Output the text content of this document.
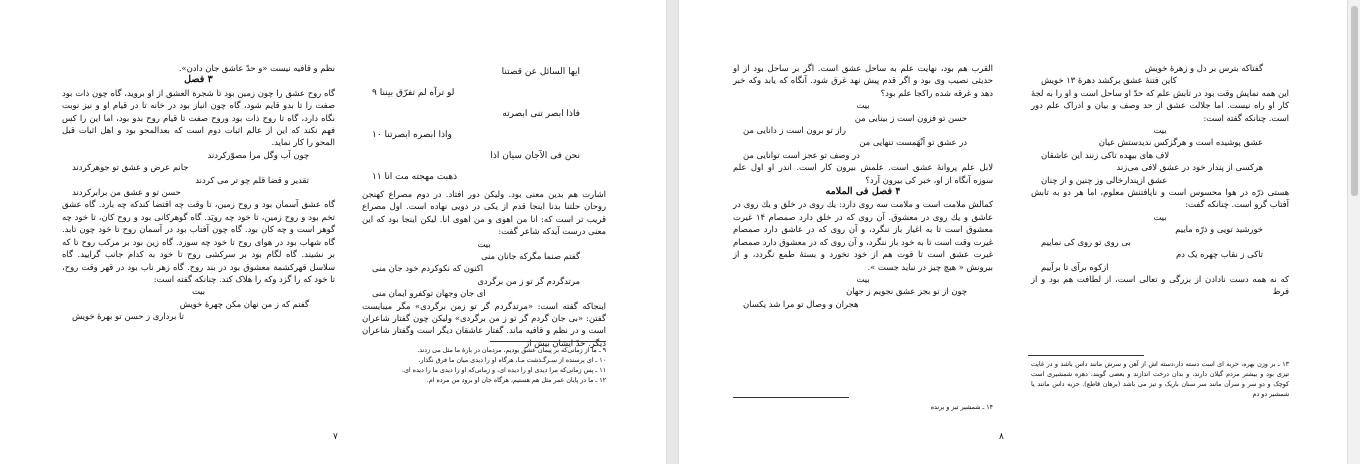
نظم و قافیه نیست «و حدّ عاشق جان دادن».

۳ فصل

گاه روح عشق را چون زمین بود تا شجرة العشق از او بروید، گاه چون ذات بود صفت را تا بدو قایم شود، گاه چون انباز بود در خانه تا در قیام او و نیز نوبت نگاه دارد، گاه تا روح ذات بود وروح صفت تا قیام روح بدو بود، اما این را کس فهم نکند که این از عالم اثبات دوم است که بعدالمحو بود و اهل اثبات قبل المحو را کار نماید.

چون آب وگل مرا مصوّرکردند

جانم عرض و عشق تو جوهرکردند

تقدیر و قضا قلم چو تر می کردند

حسن تو و عشق من برابرکردند

گاه عشق آسمان بود و روح زمین، تا وقت چه اقتضا کندکه چه بارد. گاه عشق تخم بود و روح زمین، تا خود چه رویَد. گاه گوهرکانی بود و روح کان، تا خود چه گوهر است و چه کان بود. گاه چون آفتاب بود در آسمان روح تا خود چون تابد. گاه شهاب بود در هوای روح تا خود چه سوزد. گاه زین بود بر مرکب روح تا که بر نشیند. گاه لگام بود بر سرکشی روح تا خود به کدام جانب گرایید. گاه سلاسل قهرکشمة معشوق بود در بند روح. گاه زهر ناب بود در قهر وقت روح، تا خود که را گزد وکه را هلاک کند. چنانکه گفته است:

بیت

گفتم که ز من نهان مکن چهرهٔ خویش

تا برداری ز حسن تو بهرهٔ خویش

ایها السائل عن قصتنا

لو ترآه لم تفرّق بیننا ۹

فاذا ابصر تنی ابصرته

واذا ابصره ابصرتنا ۱۰

نحن فی الآجان سیان اذا

ذهبت مهجته مت انا ۱۱

اشارت هم بدین معنی بود. ولیکن دور افتاد. در دوم مصراع کهنجن روحان حلتنا بدنا اینجا قدم از یکی در دویی نهاده است. اول مصراع قریب تر است که: انا من اهوی و من اهوی انا. لیکن اینجا بود که این معنی درست آیدکه شاعر گفت:

بیت

گفتم صنما مگرکه جانان منی

اکنون که نکوکردم خود جان منی

مرتدگردم گر تو ز من برگردی

ای جان وجهان توکفرو ایمان منی

اینجاکه گفته است: «مرتدگردم گر تو زمن برگردی» مگر میبایست گفتن: «بی جان گردم گر تو ز من برگردی» ولیکن چون گفتار شاعران است و در نظم و قافیه ماند. گفتار عاشقان دیگر است وگفتار شاعران دیگر. حدّ ایشان بیش از

۹ ـ ما از زمانی‌که بر پیمان عشق بودیم، مردمان در بارهٔ ما مثل می زدند.

۱۰ ـ ای پرسنده از سـرگـذشت مـا، هرگاه او را دیدی میان ما فرق نگذار.

۱۱ ـ پس زمانی‌که مرا دیدی او را دیده ای، و زمانی‌که او را دیدی ما را دیده ای.

۱۲ ـ ما در پایان عمر مثل هم هستیم، هرگاه جان او برود من مرده ام.

۷

گفتاکه بترس بر دل و زهرهٔ خویش

کاین فتنهٔ عشق برکشد دهرهٔ ۱۳ خویش

این همه نمایش وقت بود در تابش علم که حدّ او ساحل است و او را به لجهٔ کار او راه نیست. اما جلالت عشق از حد وصف و بیان و ادراک علم دور است. چنانکه گفته است:

بیت

عشق پوشیده است و هرگزکس ندیدستش عیان

لاف های بیهده تاکی زنند این عاشقان

هرکسی از پندار خود در عشق لافی می‌زند

عشق ازپندارخالی وز چنین و از چنان

هستی ذرّه در هوا محسوس است و ناپافتنش معلوم، اما هر دو به تابش آفتاب گرو است. چنانکه گفت:

بیت

خورشید تویی و ذرّه ماییم

بی روی تو روی کی نماییم

تاکی ز نقاب چهره یک دم

ازکوه برآی تا برآییم

که نه همه دست نادادن از بزرگی و تعالی است، از لطافت هم بود و از فرط

القرب هم بود، نهایت علم به ساحل عشق است. اگر بر ساحل بود از او حدیثی نصیب وی بود و اگر قدم پیش نهد غرق شود. آنگاه که یابد وکه خبر دهد و غرقه شده راکجا علم بود؟

بیت

حسن تو فزون است ز بینایی من

راز تو برون است ز دانایی من

در عشق تو اَنْهَمست تنهایی من

در وصف تو عجز است توانایی من

لابل علم پروانهٔ عشق است. علمش بیرون کار است. اندر او اول علم سوزه آنگاه از او، خبر کی بیرون آرد؟

۴ فصل فی الملامه

کمالش ملامت است و ملامت سه روی دارد: یك روی در خلق و یك روی در عاشق و یك روی در معشوق. آن روی که در خلق دارد صمصام ۱۴ غیرت معشوق است تا به اغیار باز ننگرد، و آن روی که در عاشق دارد صمصام غیرت وقت است تا به خود باز ننگرد، و آن روی که در معشوق دارد صمصام غیرت عشق است تا قوت هم از خود نخورد و بستهٔ طمع نگردد، و از بیرونش « هیچ چیز در نباید جست ».

بیت

چون از تو بجز عشق نجویم ز جهان

هجران و وصال تو مرا شد یکسان

۱۳ ـ بر وزن بهره، حربه ای است دسته دار،دسته اش از آهن و سرش مانند داس باشد و در غایت تیزی بود و بیشتر مردم گیلان دارند، و بدان درخت اندازند و بعضی گویند، دهره شمشیری است کوچک و دو سر و سرآن مانند سر سنان باریک و تیز می باشد (برهان قاطع). حربه داس مانند یا شمشیر دو دم

۱۴ ـ شمشیر تیز و برنده

۸
